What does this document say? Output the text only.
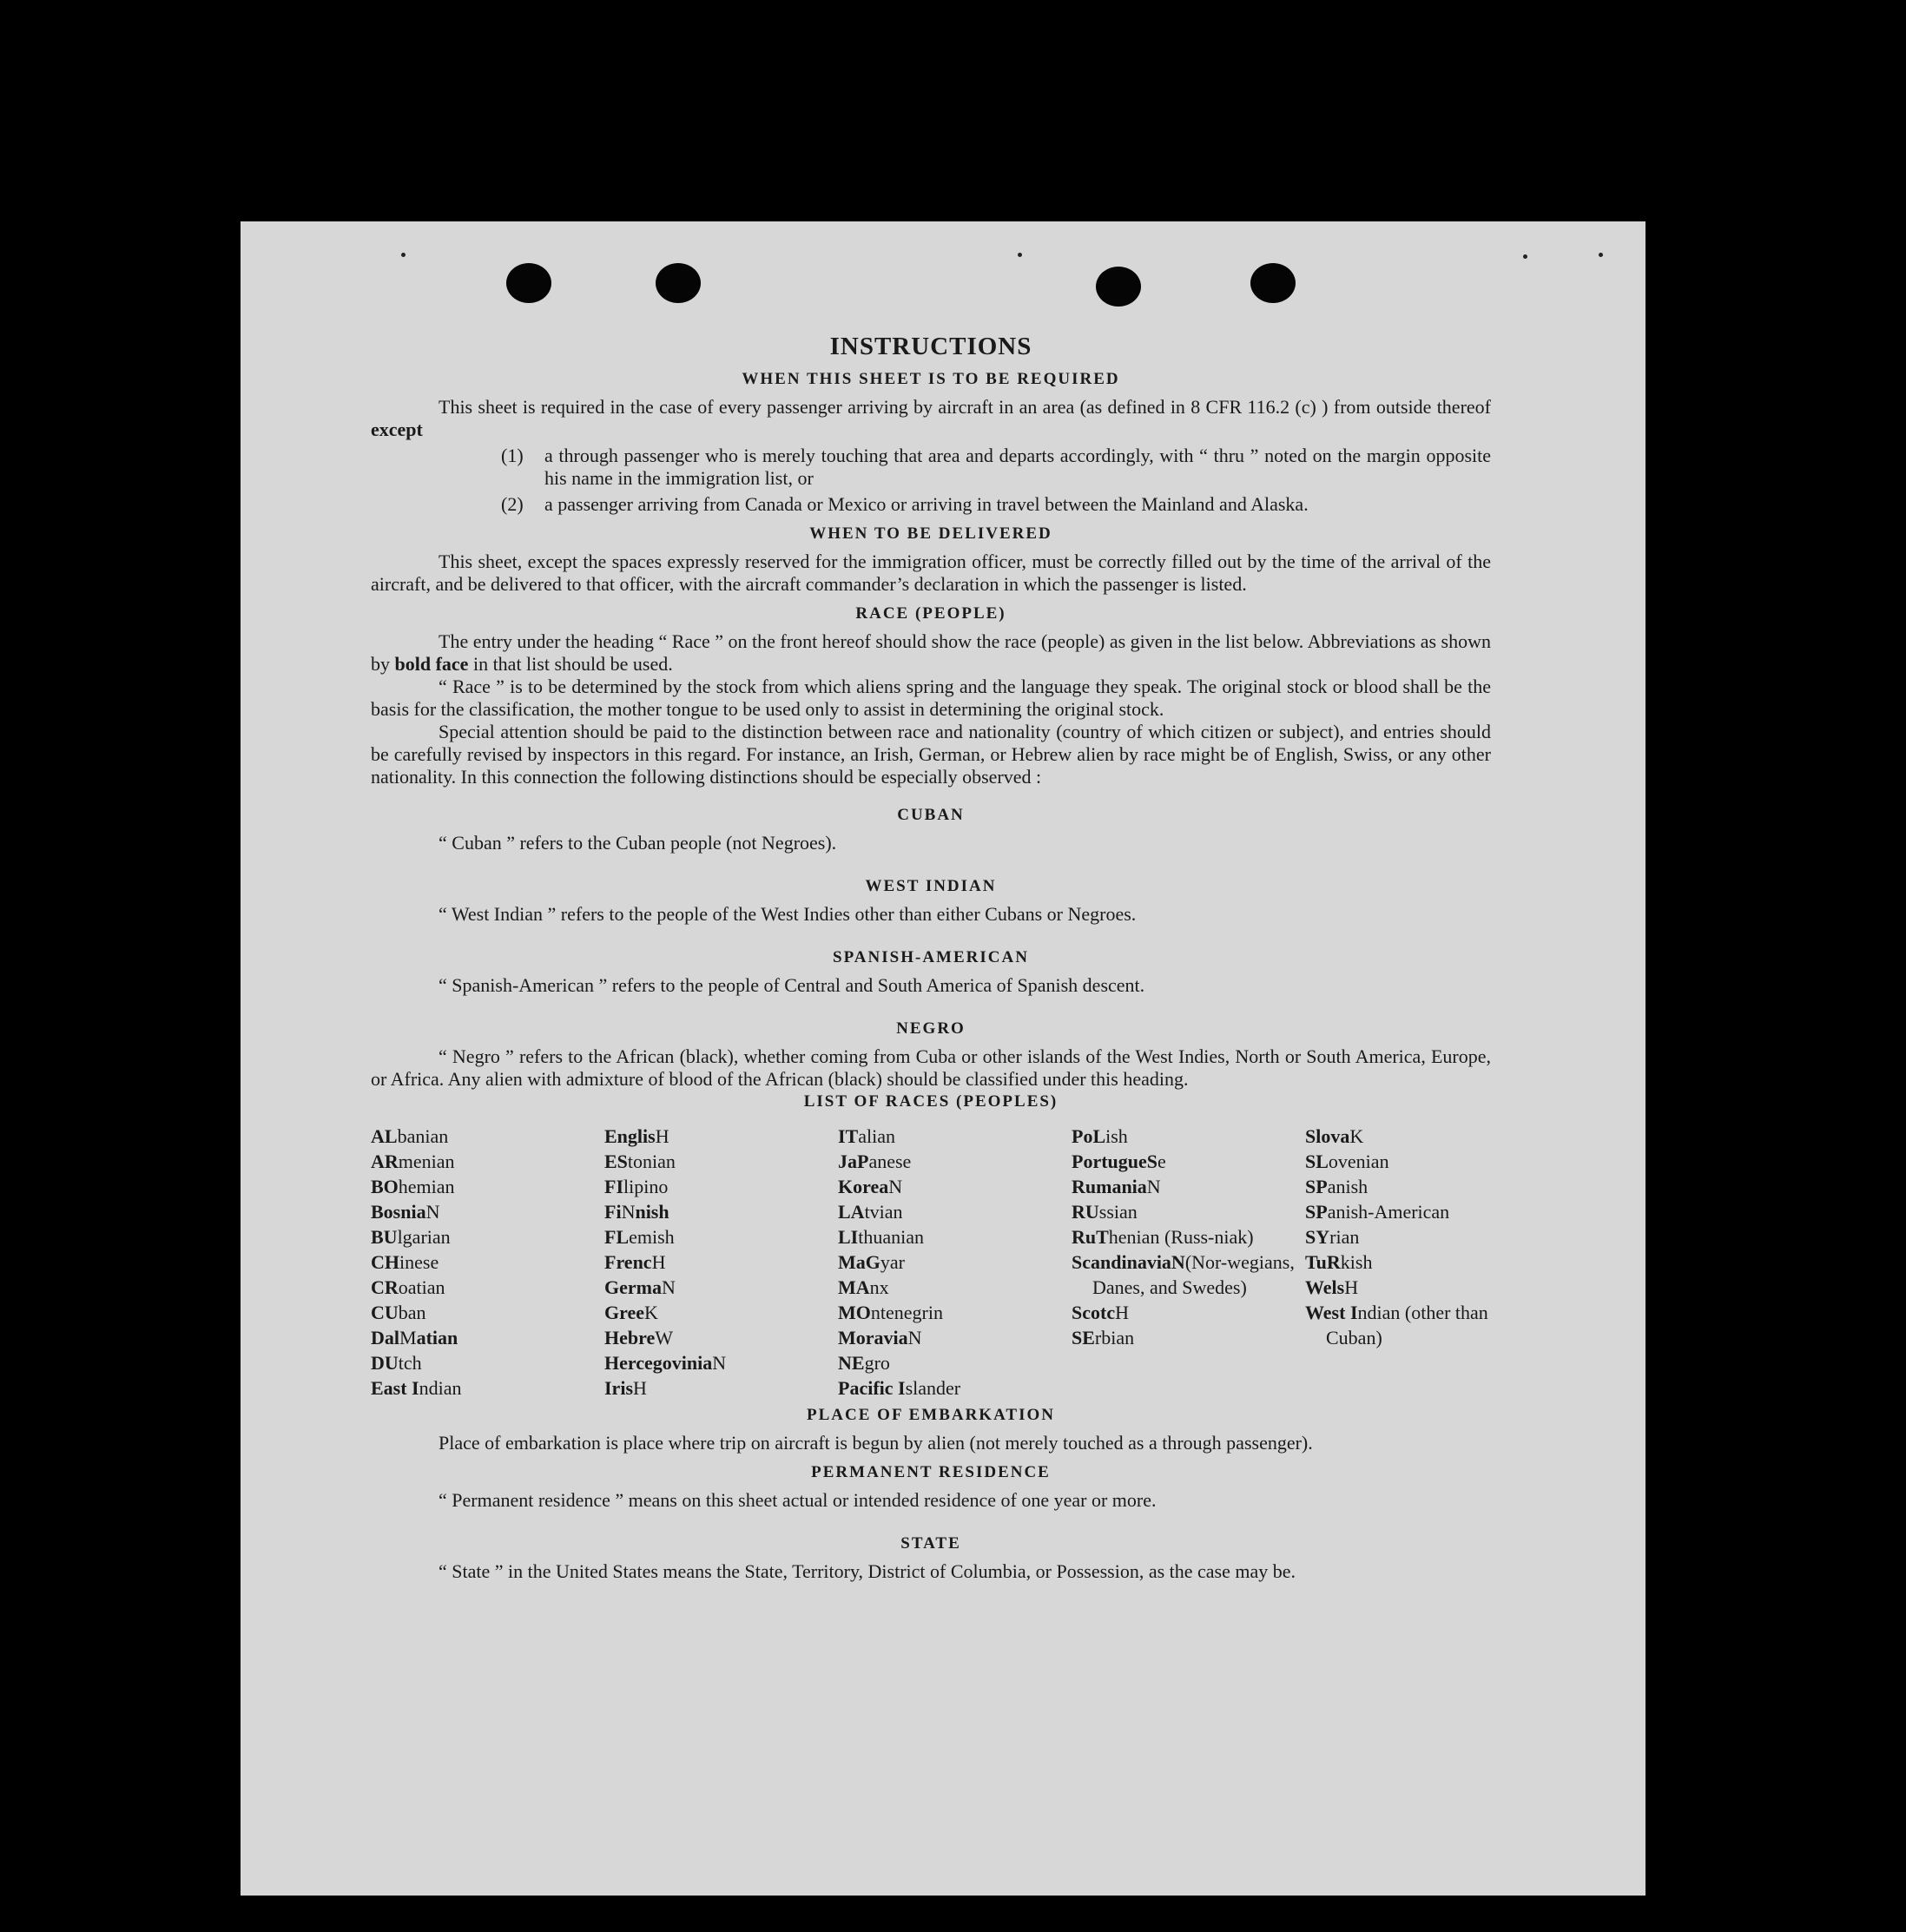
INSTRUCTIONS
WHEN THIS SHEET IS TO BE REQUIRED

This sheet is required in the case of every passenger arriving by aircraft in an area (as defined in 8 CFR 116.2 (c) ) from outside thereof except

(1)	a through passenger who is merely touching that area and departs accordingly, with “ thru ” noted on the margin opposite his name in the immigration list, or
(2)	a passenger arriving from Canada or Mexico or arriving in travel between the Mainland and Alaska.
WHEN TO BE DELIVERED

This sheet, except the spaces expressly reserved for the immigration officer, must be correctly filled out by the time of the arrival of the aircraft, and be delivered to that officer, with the aircraft commander’s declaration in which the passenger is listed.

RACE (PEOPLE)

The entry under the heading “ Race ” on the front hereof should show the race (people) as given in the list below. Abbreviations as shown by bold face in that list should be used.

“ Race ” is to be determined by the stock from which aliens spring and the language they speak. The original stock or blood shall be the basis for the classification, the mother tongue to be used only to assist in determining the original stock.

Special attention should be paid to the distinction between race and nationality (country of which citizen or subject), and entries should be carefully revised by inspectors in this regard. For instance, an Irish, German, or Hebrew alien by race might be of English, Swiss, or any other nationality. In this connection the following distinctions should be especially observed :

CUBAN
“ Cuban ” refers to the Cuban people (not Negroes).
WEST INDIAN
“ West Indian ” refers to the people of the West Indies other than either Cubans or Negroes.
SPANISH-AMERICAN
“ Spanish-American ” refers to the people of Central and South America of Spanish descent.
NEGRO

“ Negro ” refers to the African (black), whether coming from Cuba or other islands of the West Indies, North or South America, Europe, or Africa. Any alien with admixture of blood of the African (black) should be classified under this heading.

LIST OF RACES (PEOPLES)
ALbanian
ARmenian
BOhemian
BosniaN
BUlgarian
CHinese
CRoatian
CUban
DalMatian
DUtch
East Indian
EnglisH
EStonian
FIlipino
FiNnish
FLemish
FrencH
GermaN
GreeK
HebreW
HercegoviniaN
IrisH
ITalian
JaPanese
KoreaN
LAtvian
LIthuanian
MaGyar
MAnx
MOntenegrin
MoraviaN
NEgro
Pacific Islander
PoLish
PortugueSe
RumaniaN
RUssian
RuThenian (Russ-niak)
ScandinaviaN(Nor-wegians, Danes, and Swedes)
ScotcH
SErbian
SlovaK
SLovenian
SPanish
SPanish-American
SYrian
TuRkish
WelsH
West Indian (other than Cuban)
PLACE OF EMBARKATION

Place of embarkation is place where trip on aircraft is begun by alien (not merely touched as a through passenger).

PERMANENT RESIDENCE
“ Permanent residence ” means on this sheet actual or intended residence of one year or more.
STATE

“ State ” in the United States means the State, Territory, District of Columbia, or Possession, as the case may be.
